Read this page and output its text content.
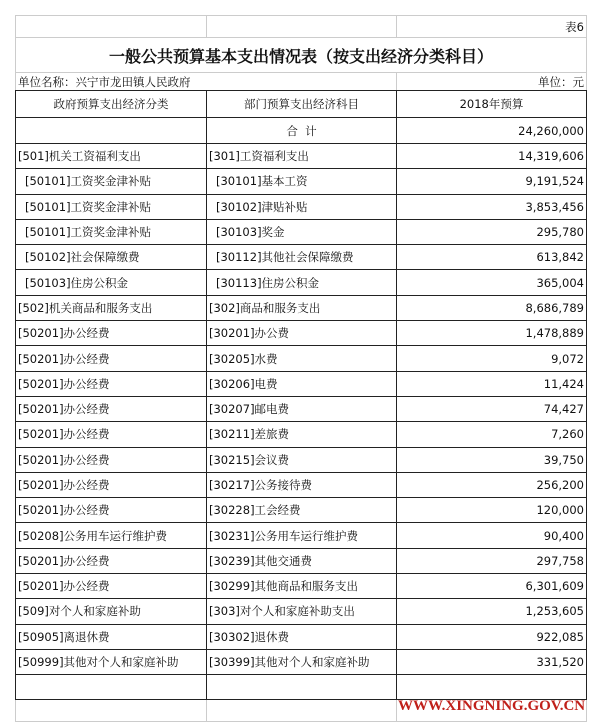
		表6
一般公共预算基本支出情况表（按支出经济分类科目）		
单位名称：兴宁市龙田镇人民政府		单位：元
政府预算支出经济分类	部门预算支出经济科目	2018年预算
	合  计	24,260,000
[501]机关工资福利支出	[301]工资福利支出	14,319,606
[50101]工资奖金津补贴	[30101]基本工资	9,191,524
[50101]工资奖金津补贴	[30102]津贴补贴	3,853,456
[50101]工资奖金津补贴	[30103]奖金	295,780
[50102]社会保障缴费	[30112]其他社会保障缴费	613,842
[50103]住房公积金	[30113]住房公积金	365,004
[502]机关商品和服务支出	[302]商品和服务支出	8,686,789
[50201]办公经费	[30201]办公费	1,478,889
[50201]办公经费	[30205]水费	9,072
[50201]办公经费	[30206]电费	11,424
[50201]办公经费	[30207]邮电费	74,427
[50201]办公经费	[30211]差旅费	7,260
[50201]办公经费	[30215]会议费	39,750
[50201]办公经费	[30217]公务接待费	256,200
[50201]办公经费	[30228]工会经费	120,000
[50208]公务用车运行维护费	[30231]公务用车运行维护费	90,400
[50201]办公经费	[30239]其他交通费	297,758
[50201]办公经费	[30299]其他商品和服务支出	6,301,609
[509]对个人和家庭补助	[303]对个人和家庭补助支出	1,253,605
[50905]离退休费	[30302]退休费	922,085
[50999]其他对个人和家庭补助	[30399]其他对个人和家庭补助	331,520

WWW.XINGNING.GOV.CN
